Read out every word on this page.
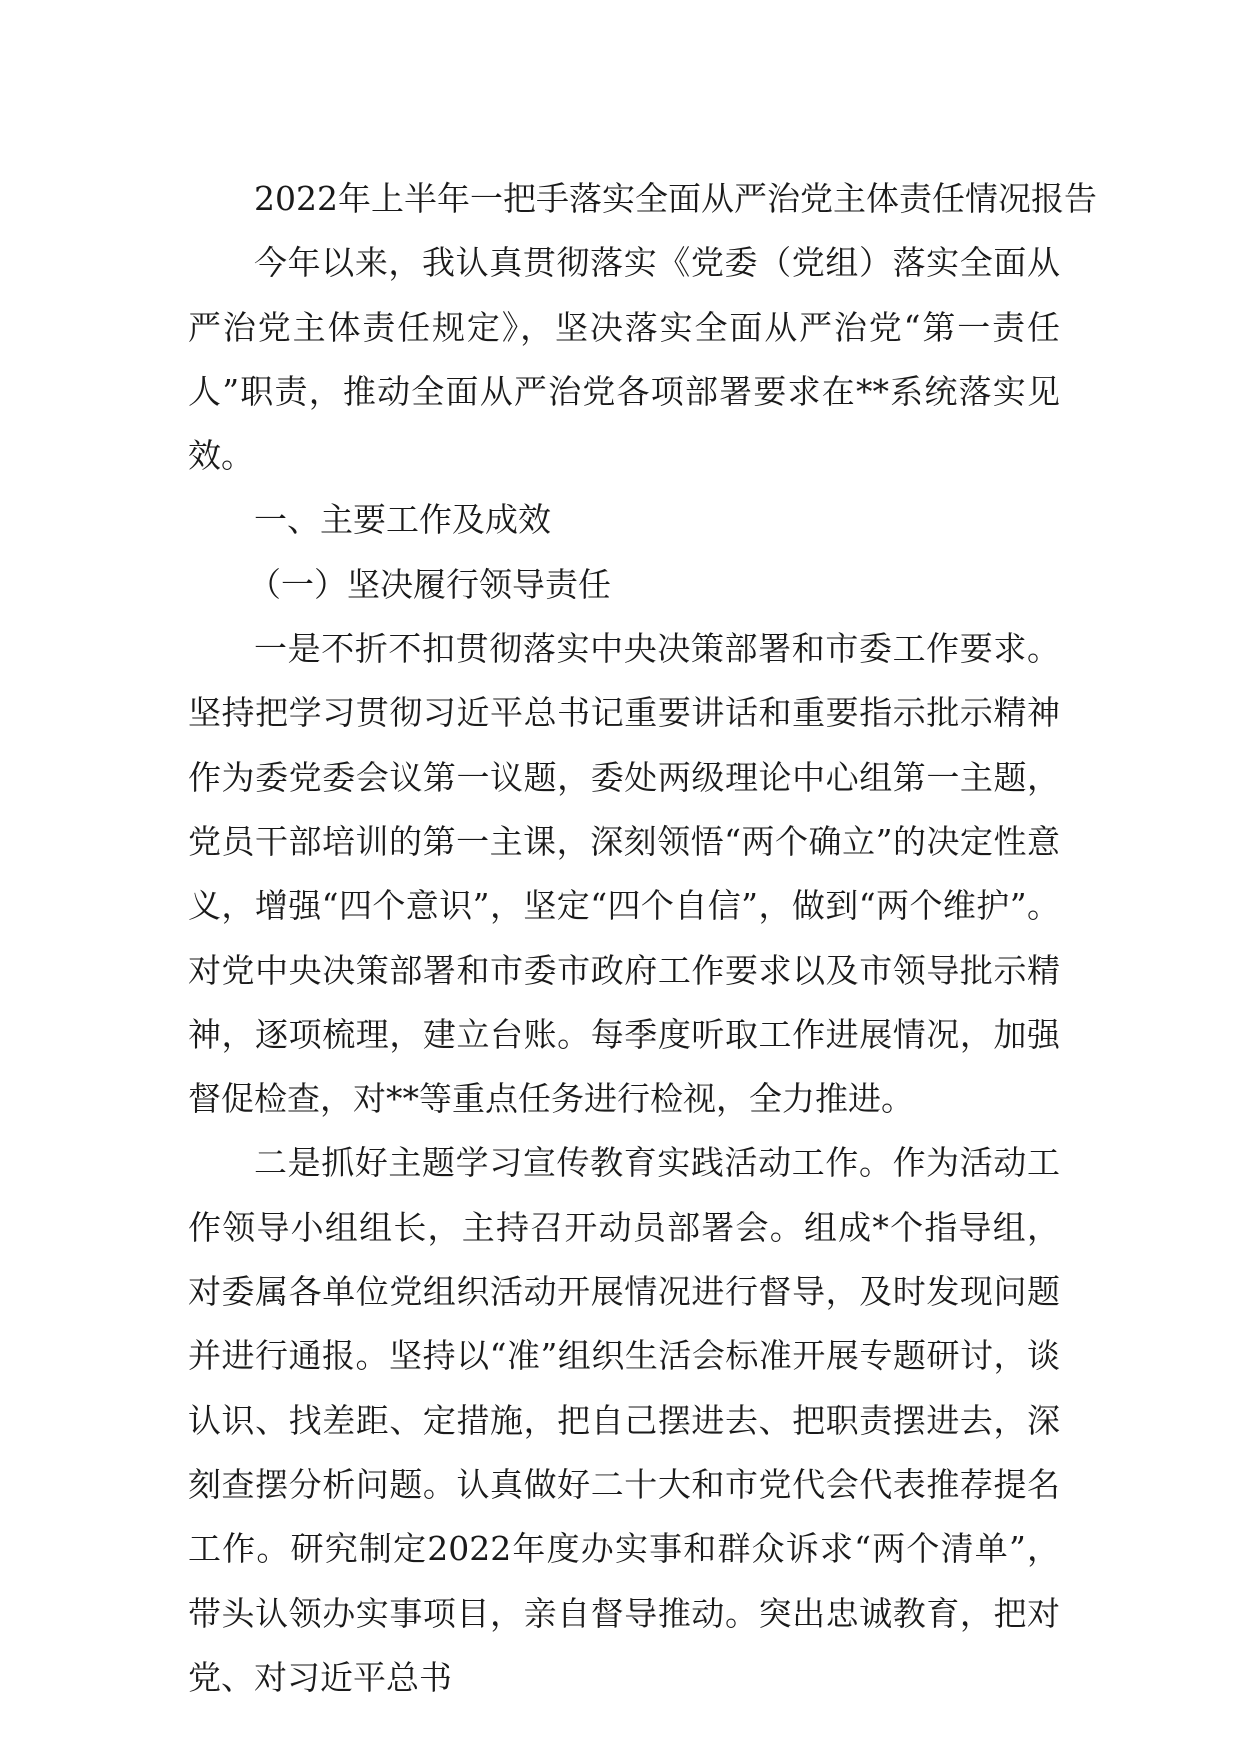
2022年上半年一把手落实全面从严治党主体责任情况报告

今年以来，我认真贯彻落实《党委（党组）落实全面从严治党主体责任规定》，坚决落实全面从严治党“第一责任人”职责，推动全面从严治党各项部署要求在**系统落实见效。

一、主要工作及成效

（一）坚决履行领导责任

一是不折不扣贯彻落实中央决策部署和市委工作要求。坚持把学习贯彻习近平总书记重要讲话和重要指示批示精神作为委党委会议第一议题，委处两级理论中心组第一主题，党员干部培训的第一主课，深刻领悟“两个确立”的决定性意义，增强“四个意识”，坚定“四个自信”，做到“两个维护”。对党中央决策部署和市委市政府工作要求以及市领导批示精神，逐项梳理，建立台账。每季度听取工作进展情况，加强督促检查，对**等重点任务进行检视，全力推进。

二是抓好主题学习宣传教育实践活动工作。作为活动工作领导小组组长，主持召开动员部署会。组成*个指导组，对委属各单位党组织活动开展情况进行督导，及时发现问题并进行通报。坚持以“准”组织生活会标准开展专题研讨，谈认识、找差距、定措施，把自己摆进去、把职责摆进去，深刻查摆分析问题。认真做好二十大和市党代会代表推荐提名工作。研究制定2022年度办实事和群众诉求“两个清单”，带头认领办实事项目，亲自督导推动。突出忠诚教育，把对党、对习近平总书
